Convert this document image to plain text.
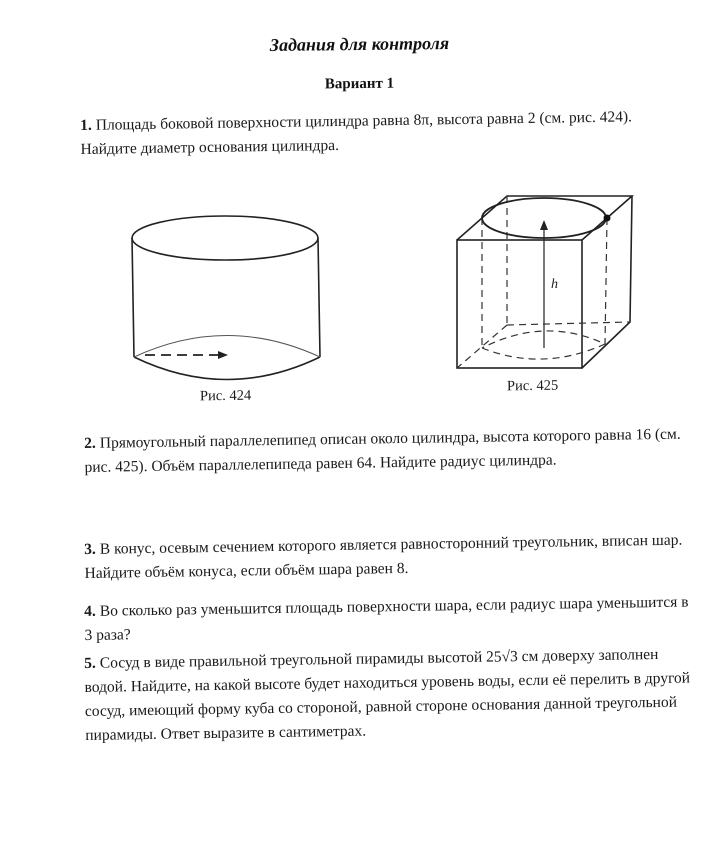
Задания для контроля
Вариант 1
1. Площадь боковой поверхности цилиндра равна 8π, высота равна 2 (см. рис. 424). Найдите диаметр основания цилиндра.
Рис. 424
h
Рис. 425
2. Прямоугольный параллелепипед описан около цилиндра, высота которого равна 16 (см. рис. 425). Объём параллелепипеда равен 64. Найдите радиус цилиндра.
3. В конус, осевым сечением которого является равносторонний треугольник, вписан шар. Найдите объём конуса, если объём шара равен 8.
4. Во сколько раз уменьшится площадь поверхности шара, если радиус шара уменьшится в 3 раза?
5. Сосуд в виде правильной треугольной пирамиды высотой 25√3 см доверху заполнен водой. Найдите, на какой высоте будет находиться уровень воды, если её перелить в другой сосуд, имеющий форму куба со стороной, равной стороне основания данной треугольной пирамиды. Ответ выразите в сантиметрах.
